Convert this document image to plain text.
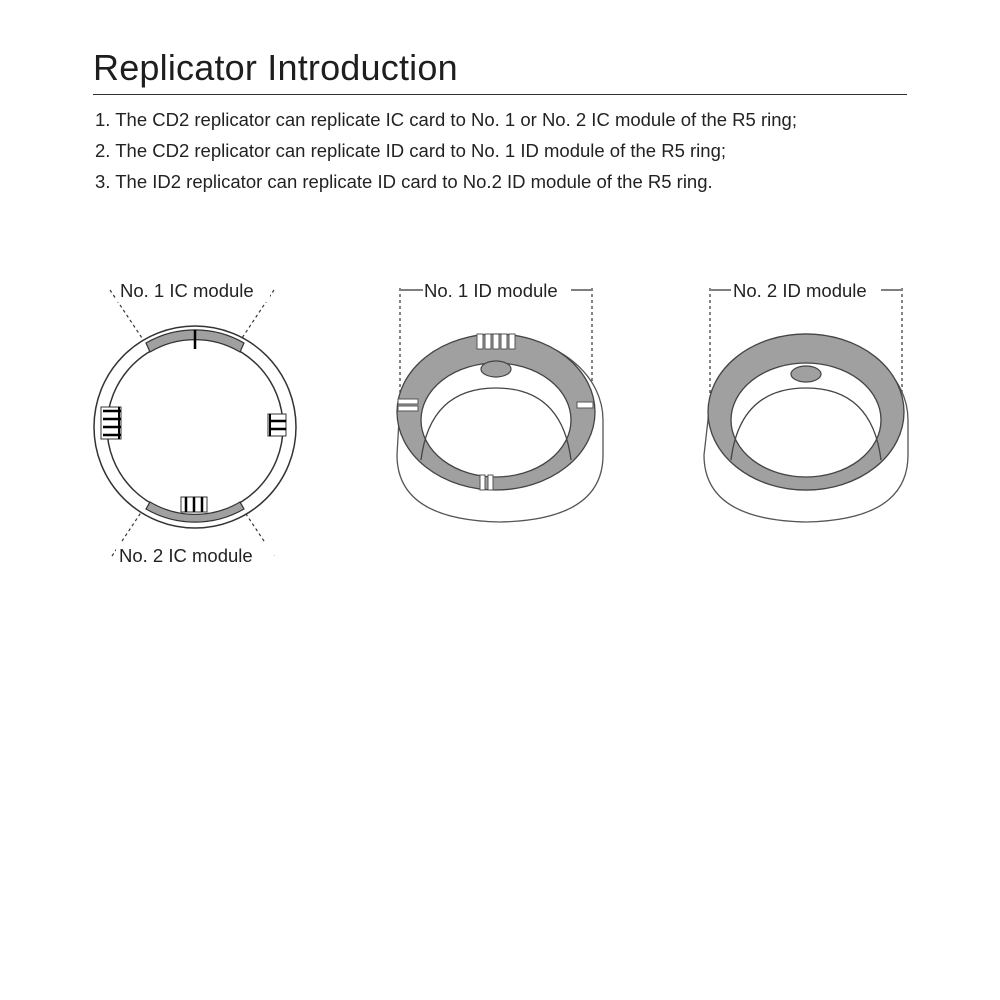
Replicator Introduction
1. The CD2 replicator can replicate IC card to No. 1 or No. 2 IC module of the R5 ring;
2. The CD2 replicator can replicate ID card to No. 1 ID module of the R5 ring;
3. The ID2 replicator can replicate ID card to No.2 ID module of the R5 ring.
No. 1 IC module
No. 2 IC module
No. 1 ID module	No. 2 ID module
